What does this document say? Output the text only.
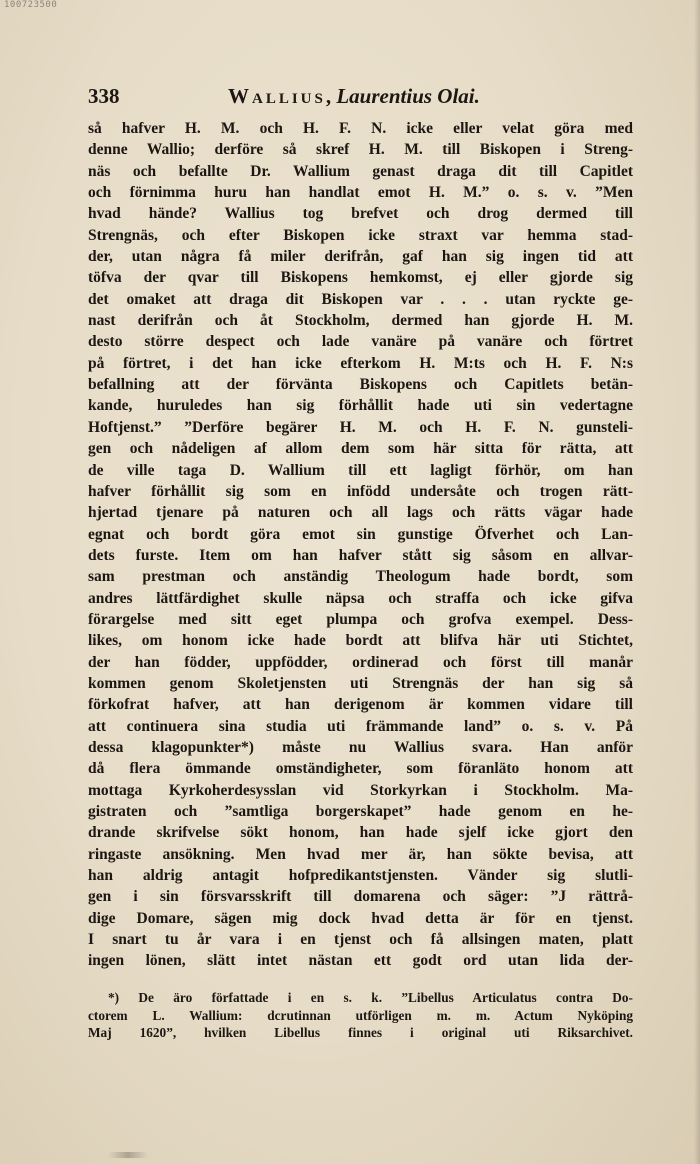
100723500
338	Wallius, Laurentius Olai.
så hafver H. M. och H. F. N. icke eller velat göra med
denne Wallio; derföre så skref H. M. till Biskopen i Streng-
näs och befallte Dr. Wallium genast draga dit till Capitlet
och förnimma huru han handlat emot H. M.” o. s. v. ”Men
hvad hände? Wallius tog brefvet och drog dermed till
Strengnäs, och efter Biskopen icke straxt var hemma stad-
der, utan några få miler derifrån, gaf han sig ingen tid att
töfva der qvar till Biskopens hemkomst, ej eller gjorde sig
det omaket att draga dit Biskopen var . . . utan ryckte ge-
nast derifrån och åt Stockholm, dermed han gjorde H. M.
desto större despect och lade vanäre på vanäre och förtret
på förtret, i det han icke efterkom H. M:ts och H. F. N:s
befallning att der förvänta Biskopens och Capitlets betän-
kande, huruledes han sig förhållit hade uti sin vedertagne
Hoftjenst.” ”Derföre begärer H. M. och H. F. N. gunsteli-
gen och nådeligen af allom dem som här sitta för rätta, att
de ville taga D. Wallium till ett lagligt förhör, om han
hafver förhållit sig som en infödd undersåte och trogen rätt-
hjertad tjenare på naturen och all lags och rätts vägar hade
egnat och bordt göra emot sin gunstige Öfverhet och Lan-
dets furste. Item om han hafver stått sig såsom en allvar-
sam prestman och anständig Theologum hade bordt, som
andres lättfärdighet skulle näpsa och straffa och icke gifva
förargelse med sitt eget plumpa och grofva exempel. Dess-
likes, om honom icke hade bordt att blifva här uti Stichtet,
der han födder, uppfödder, ordinerad och först till manår
kommen genom Skoletjensten uti Strengnäs der han sig så
förkofrat hafver, att han derigenom är kommen vidare till
att continuera sina studia uti främmande land” o. s. v. På
dessa klagopunkter*) måste nu Wallius svara. Han anför
då flera ömmande omständigheter, som föranläto honom att
mottaga Kyrkoherdesysslan vid Storkyrkan i Stockholm. Ma-
gistraten och ”samtliga borgerskapet” hade genom en he-
drande skrifvelse sökt honom, han hade sjelf icke gjort den
ringaste ansökning. Men hvad mer är, han sökte bevisa, att
han aldrig antagit hofpredikantstjensten. Vänder sig slutli-
gen i sin försvarsskrift till domarena och säger: ”J rättrå-
dige Domare, sägen mig dock hvad detta är för en tjenst.
I snart tu år vara i en tjenst och få allsingen maten, platt
ingen lönen, slätt intet nästan ett godt ord utan lida der-
*) De äro författade i en s. k. ”Libellus Articulatus contra Do-
ctorem L. Wallium: dcrutinnan utförligen m. m. Actum Nyköping
Maj 1620”, hvilken Libellus finnes i original uti Riksarchivet.
